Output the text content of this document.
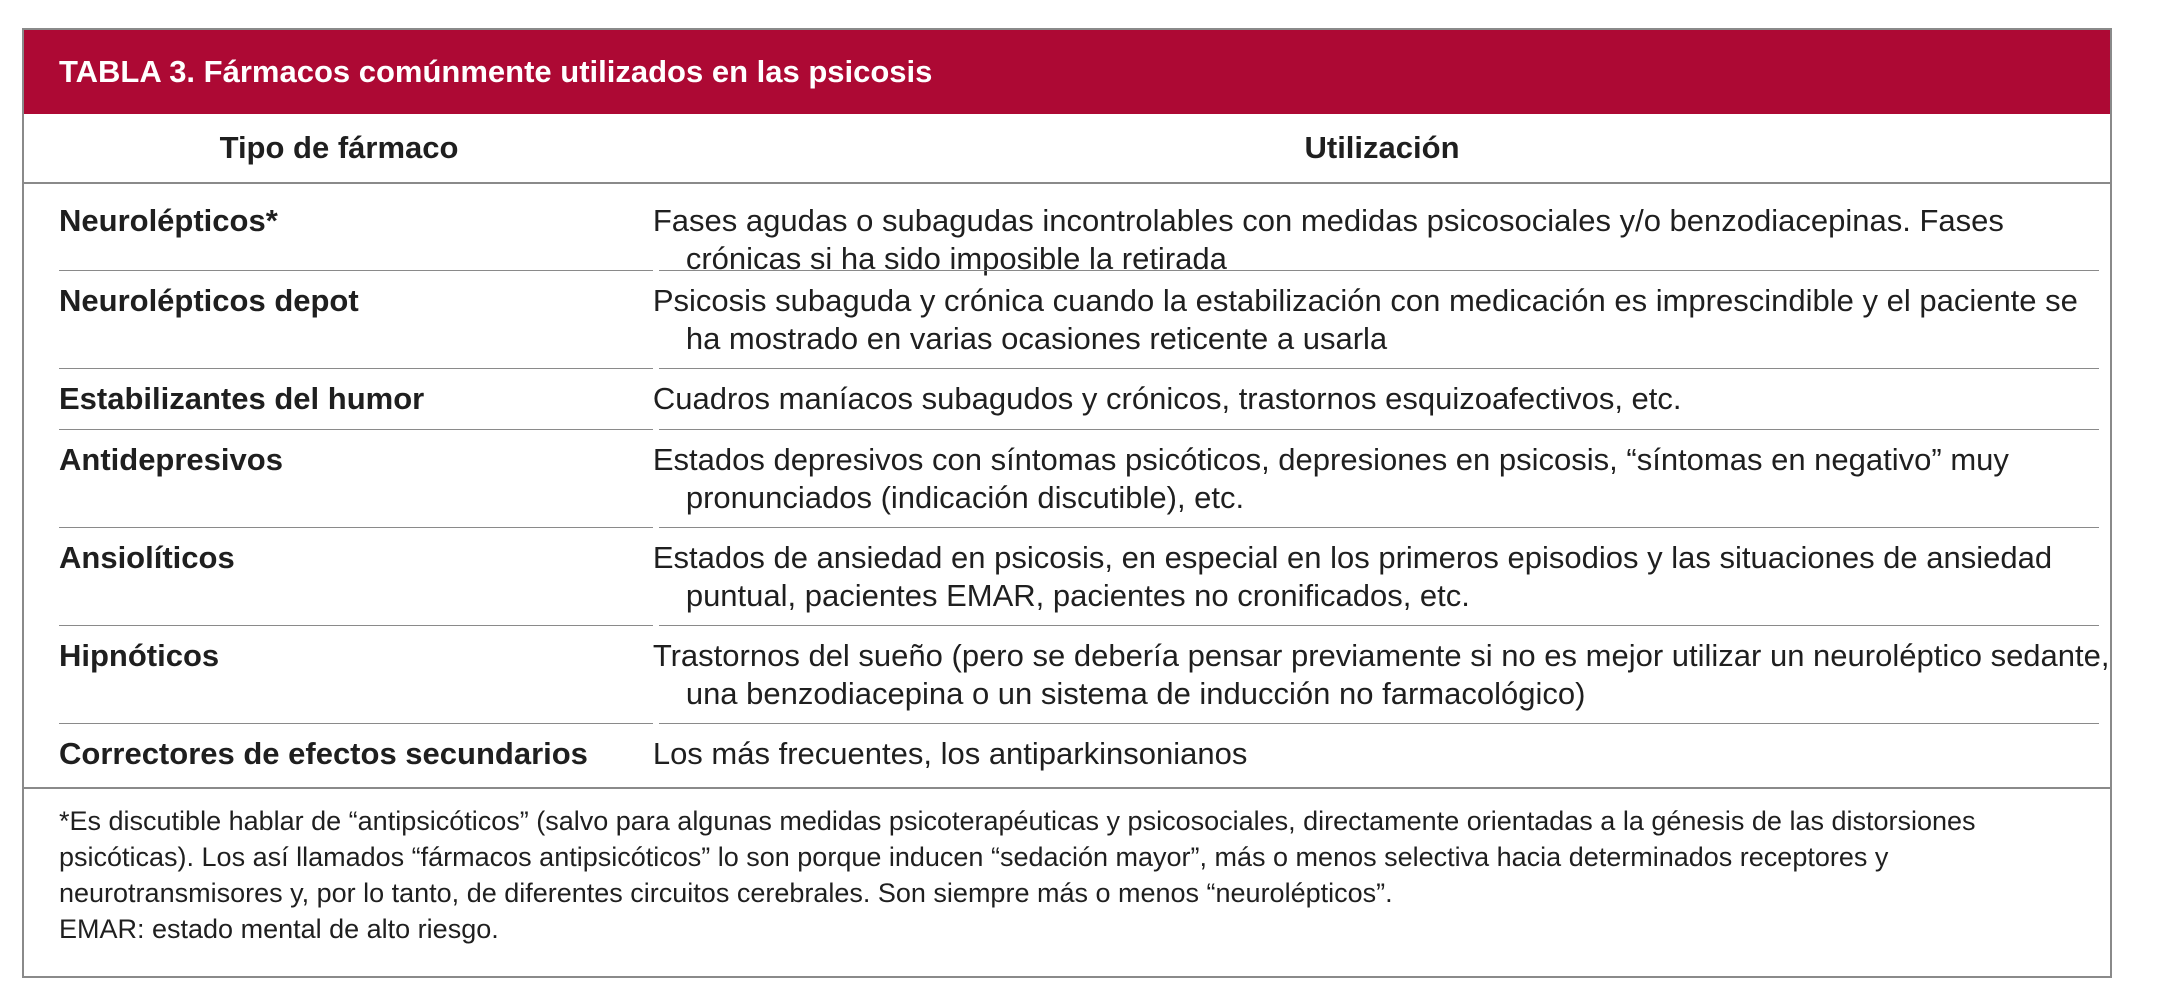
TABLA 3. Fármacos comúnmente utilizados en las psicosis
Tipo de fármaco	Utilización
Neurolépticos*	Fases agudas o subagudas incontrolables con medidas psicosociales y/o benzodiacepinas. Fases crónicas si ha sido imposible la retirada
Neurolépticos depot	Psicosis subaguda y crónica cuando la estabilización con medicación es imprescindible y el paciente se ha mostrado en varias ocasiones reticente a usarla
Estabilizantes del humor	Cuadros maníacos subagudos y crónicos, trastornos esquizoafectivos, etc.
Antidepresivos	Estados depresivos con síntomas psicóticos, depresiones en psicosis, “síntomas en negativo” muy pronunciados (indicación discutible), etc.
Ansiolíticos	Estados de ansiedad en psicosis, en especial en los primeros episodios y las situaciones de ansiedad puntual, pacientes EMAR, pacientes no cronificados, etc.
Hipnóticos	Trastornos del sueño (pero se debería pensar previamente si no es mejor utilizar un neuroléptico sedante, una benzodiacepina o un sistema de inducción no farmacológico)
Correctores de efectos secundarios	Los más frecuentes, los antiparkinsonianos

*Es discutible hablar de “antipsicóticos” (salvo para algunas medidas psicoterapéuticas y psicosociales, directamente orientadas a la génesis de las distorsiones psicóticas). Los así llamados “fármacos antipsicóticos” lo son porque inducen “sedación mayor”, más o menos selectiva hacia determinados receptores y neurotransmisores y, por lo tanto, de diferentes circuitos cerebrales. Son siempre más o menos “neurolépticos”.

EMAR: estado mental de alto riesgo.
